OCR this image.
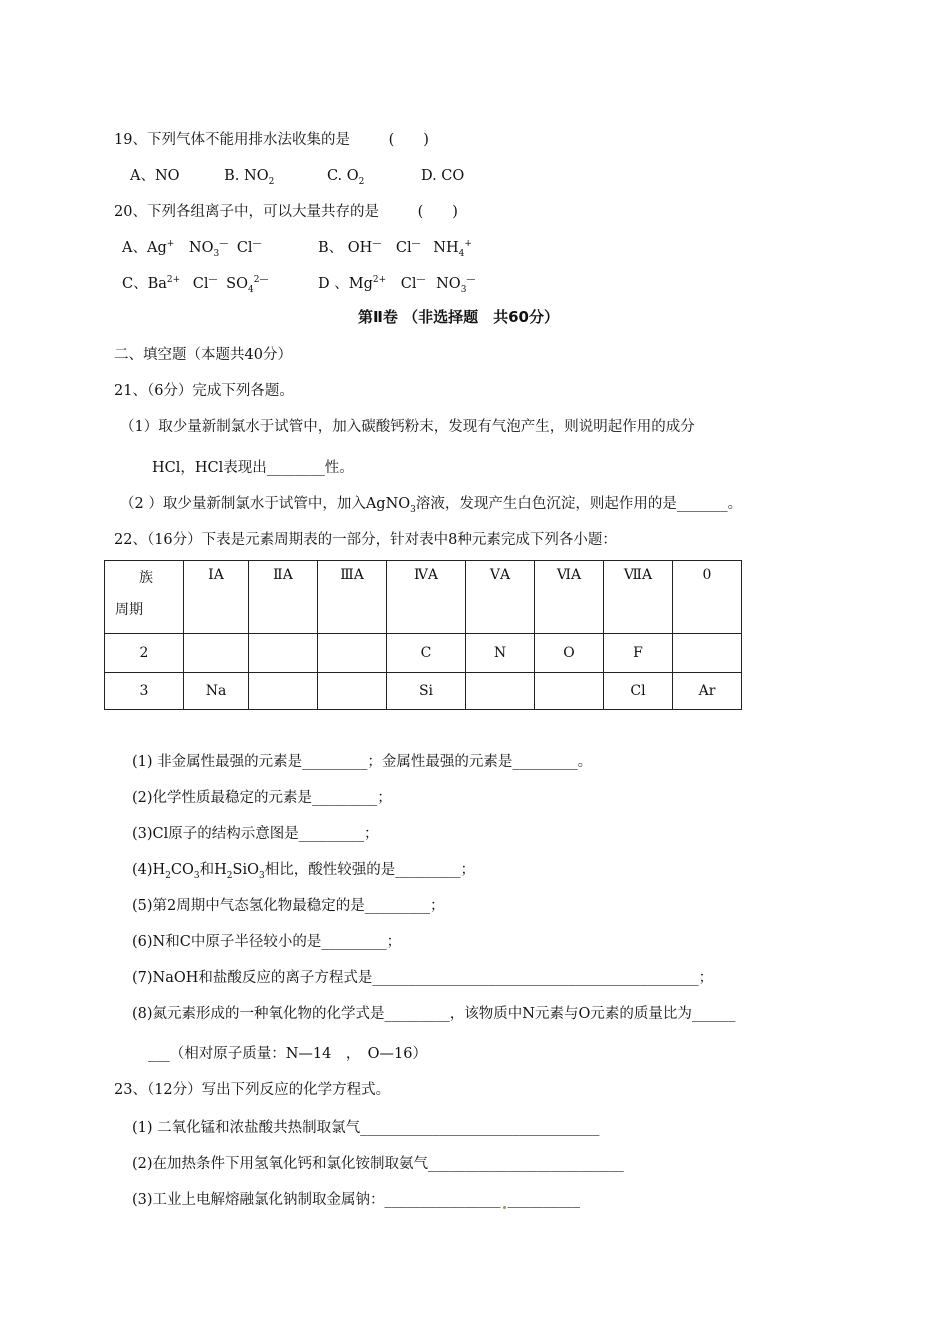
19、下列气体不能用排水法收集的是	(　　)
A、NO	B. $NO_2$	C. $O_2$	D. CO
20、下列各组离子中，可以大量共存的是	(　　)
A、Ag+ $NO_3^—$ Cl—	B、 OH— Cl— $NH_4^+$
C、$Ba^{2+}$ Cl— $SO_4^{2—}$	D 、$Mg^{2+}$ Cl— $NO_3^—$
第Ⅱ卷 （非选择题　共60分）
二、填空题（本题共40分）
21、（6分）完成下列各题。
（1）取少量新制氯水于试管中，加入碳酸钙粉末，发现有气泡产生，则说明起作用的成分
HCl，HCl表现出________性。
（2 ）取少量新制氯水于试管中，加入AgNO$_3$溶液，发现产生白色沉淀，则起作用的是_______。
22、（16分）下表是元素周期表的一部分，针对表中8种元素完成下列各小题：
族
周期	ⅠA	ⅡA	ⅢA	ⅣA	ⅤA	ⅥA	ⅦA	0

2				C	N	O	F	
3	Na			Si			Cl	Ar
(1) 非金属性最强的元素是_________；金属性最强的元素是_________。
(2)化学性质最稳定的元素是_________；
(3)Cl原子的结构示意图是_________；
$(4)H_2CO_3$和$H_2SiO_3$相比，酸性较强的是_________；
(5)第2周期中气态氢化物最稳定的是_________；
(6)N和C中原子半径较小的是_________；
(7)NaOH和盐酸反应的离子方程式是_____________________________________________；
(8)氮元素形成的一种氧化物的化学式是_________，该物质中N元素与O元素的质量比为______
___（相对原子质量：N—14　，　O—16）
23、（12分）写出下列反应的化学方程式。
(1) 二氧化锰和浓盐酸共热制取氯气_________________________________
(2)在加热条件下用氢氧化钙和氯化铵制取氨气___________________________
(3)工业上电解熔融氯化钠制取金属钠：________________ __________
